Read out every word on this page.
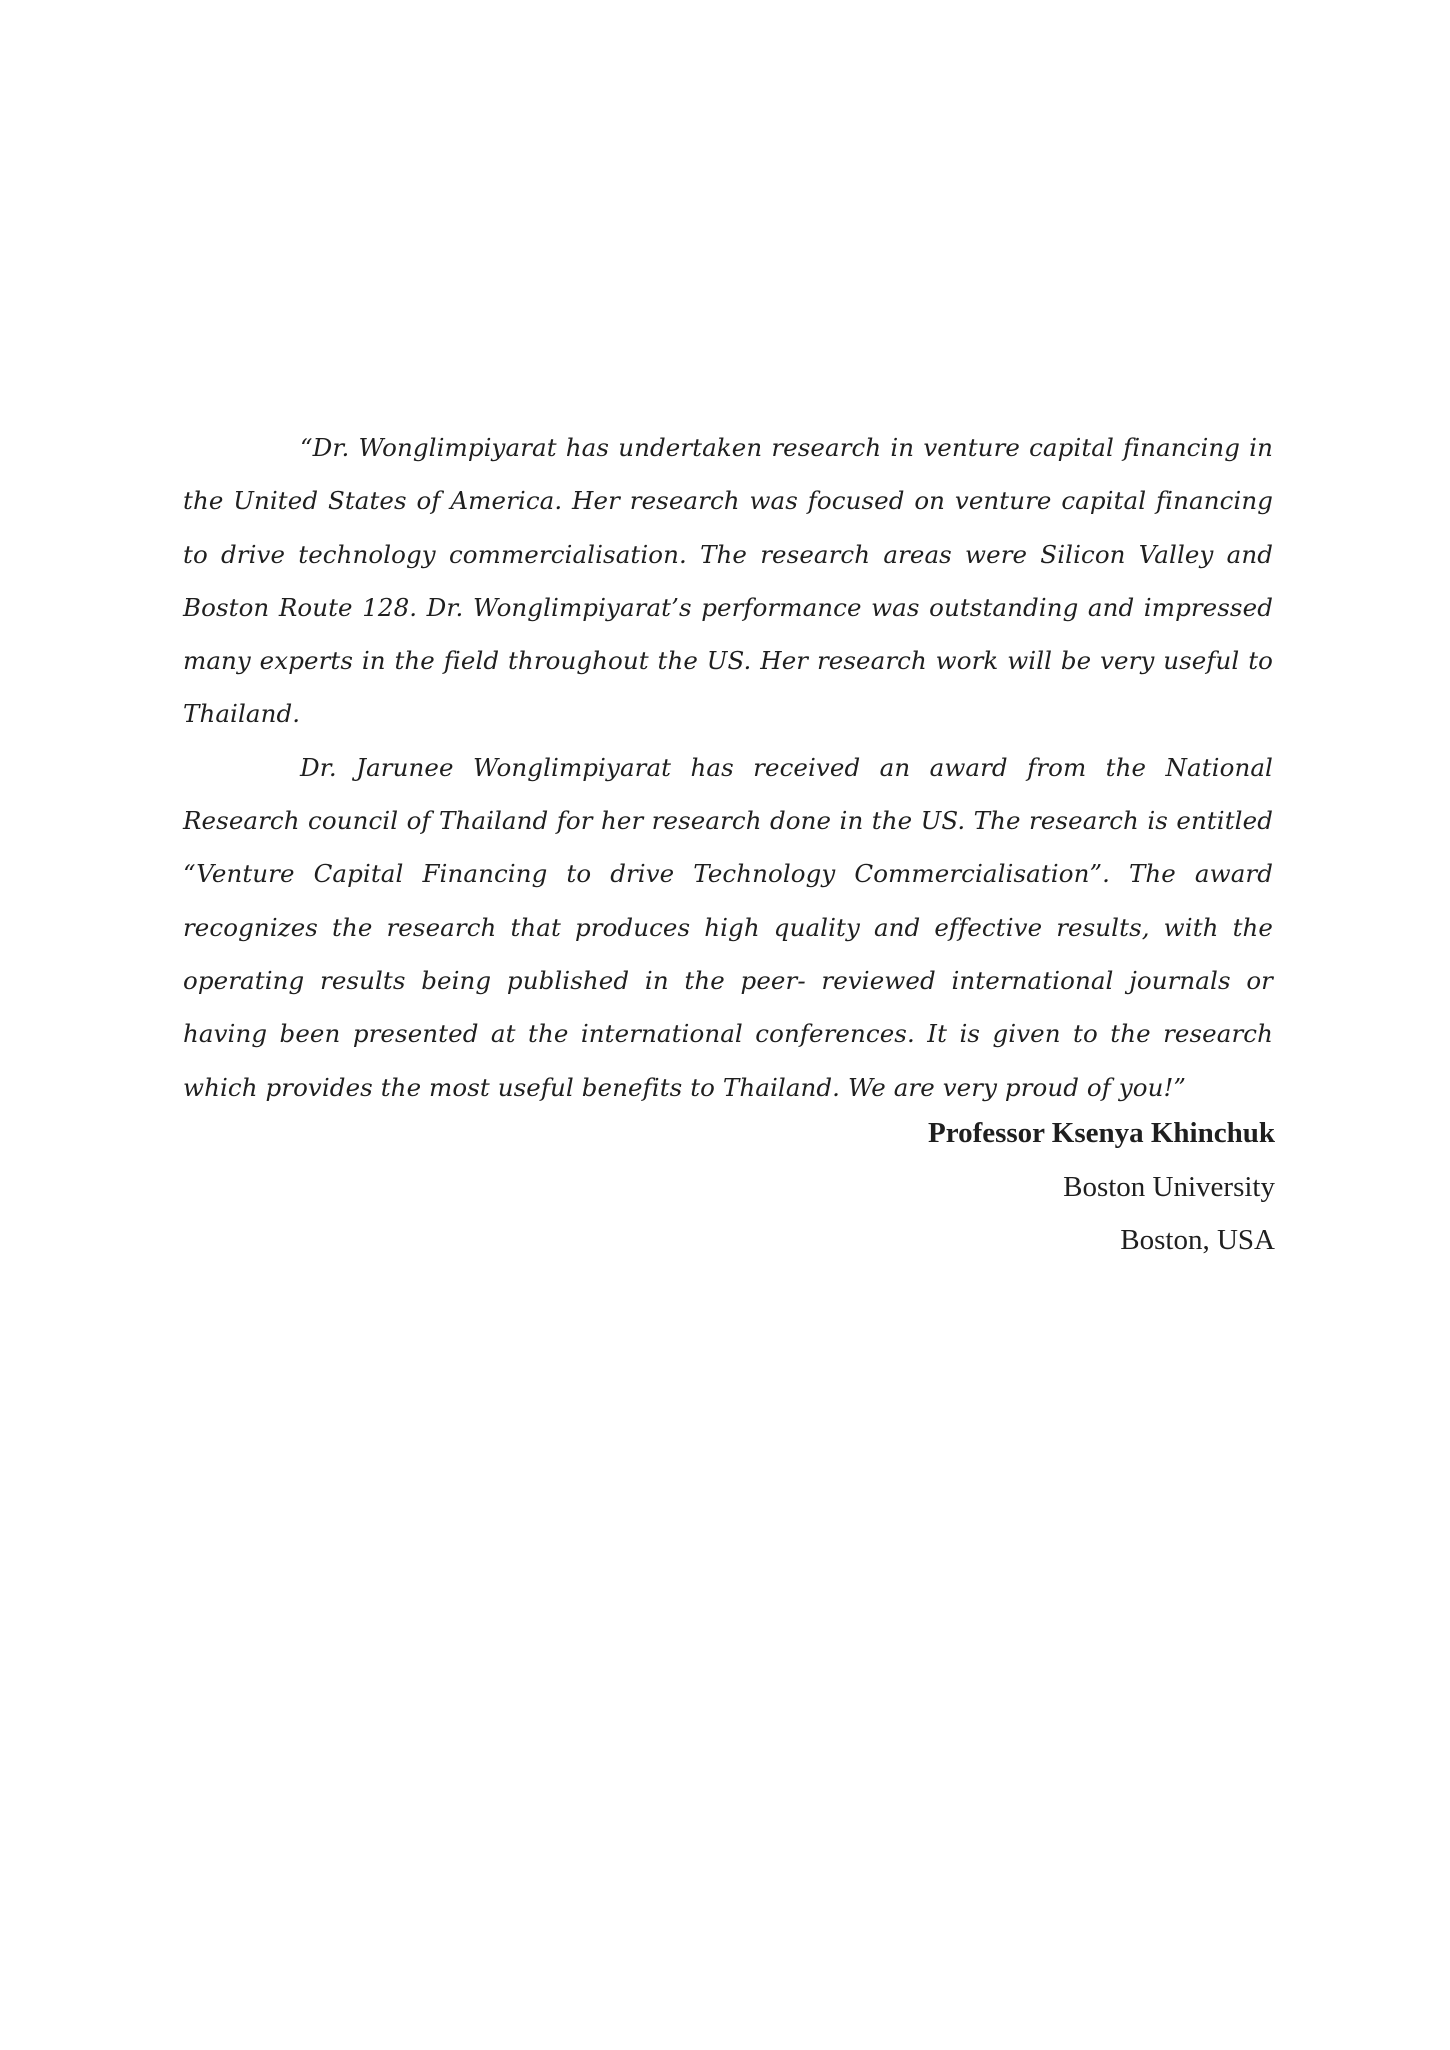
“Dr. Wonglimpiyarat has undertaken research in venture capital financing in the United States of America. Her research was focused on venture capital financing to drive technology commercialisation. The research areas were Silicon Valley and Boston Route 128. Dr. Wonglimpiyarat’s performance was outstanding and impressed many experts in the field throughout the US. Her research work will be very useful to Thailand.

Dr. Jarunee Wonglimpiyarat has received an award from the National Research council of Thailand for her research done in the US. The research is entitled “Venture Capital Financing to drive Technology Commercialisation”. The award recognizes the research that produces high quality and effective results, with the operating results being published in the peer- reviewed international journals or having been presented at the international conferences. It is given to the research which provides the most useful benefits to Thailand. We are very proud of you!”

Professor Ksenya Khinchuk
Boston University
Boston, USA
